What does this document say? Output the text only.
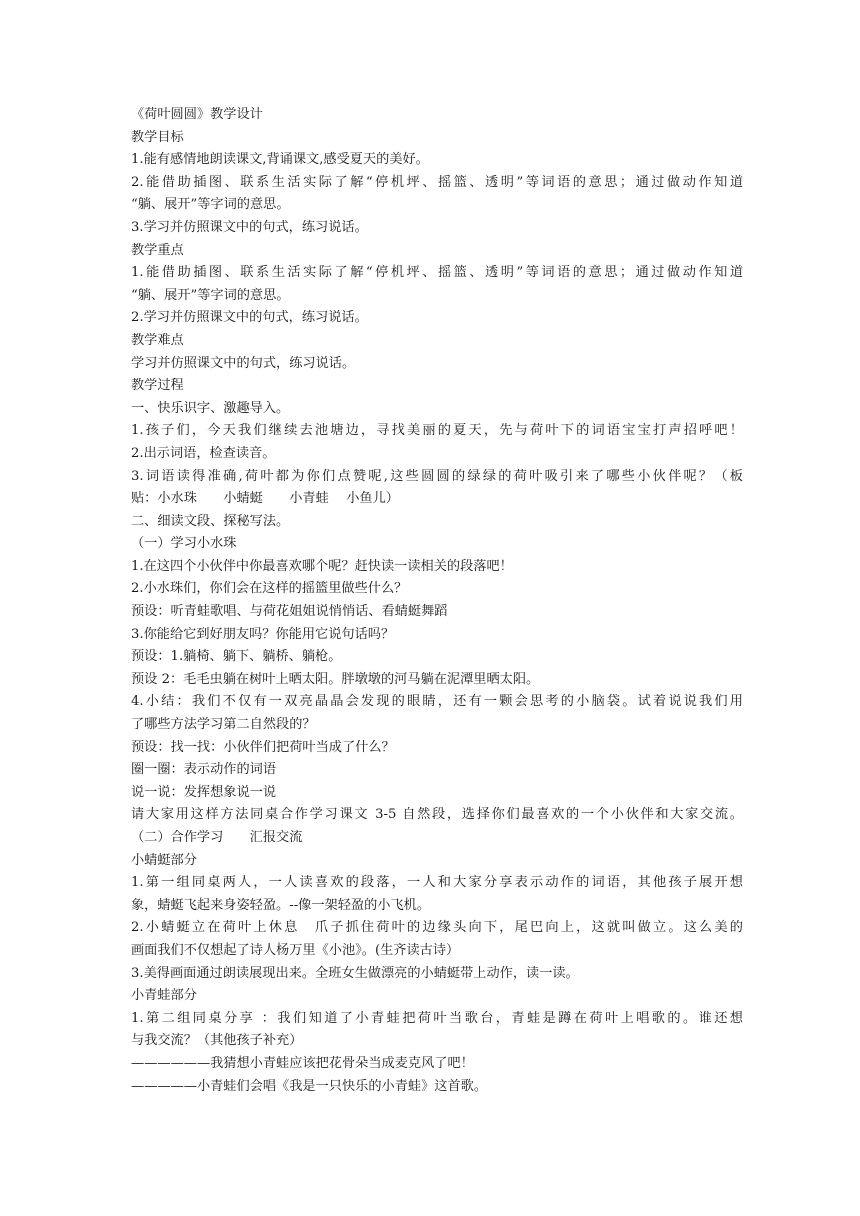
《荷叶圆圆》教学设计
教学目标
1.能有感情地朗读课文,背诵课文,感受夏天的美好。
2.能借助插图、联系生活实际了解“停机坪、摇篮、透明”等词语的意思；通过做动作知道
“躺、展开”等字词的意思。
3.学习并仿照课文中的句式，练习说话。
教学重点
1.能借助插图、联系生活实际了解“停机坪、摇篮、透明”等词语的意思；通过做动作知道
“躺、展开”等字词的意思。
2.学习并仿照课文中的句式，练习说话。
教学难点
学习并仿照课文中的句式，练习说话。
教学过程
一、快乐识字、激趣导入。
1.孩子们，今天我们继续去池塘边，寻找美丽的夏天，先与荷叶下的词语宝宝打声招呼吧！
2.出示词语，检查读音。
3.词语读得准确,荷叶都为你们点赞呢,这些圆圆的绿绿的荷叶吸引来了哪些小伙伴呢？（板
贴：小水珠　　小蜻蜓　　小青蛙　 小鱼儿）
二、细读文段、探秘写法。
（一）学习小水珠
1.在这四个小伙伴中你最喜欢哪个呢？赶快读一读相关的段落吧！
2.小水珠们，你们会在这样的摇篮里做些什么？
预设：听青蛙歌唱、与荷花姐姐说悄悄话、看蜻蜓舞蹈
3.你能给它到好朋友吗？你能用它说句话吗？
预设：1.躺椅、躺下、躺桥、躺枪。
预设 2：毛毛虫躺在树叶上晒太阳。胖墩墩的河马躺在泥潭里晒太阳。
4.小结：我们不仅有一双亮晶晶会发现的眼睛，还有一颗会思考的小脑袋。试着说说我们用
了哪些方法学习第二自然段的？
预设：找一找：小伙伴们把荷叶当成了什么？
圈一圈：表示动作的词语
说一说：发挥想象说一说
请大家用这样方法同桌合作学习课文 3-5 自然段，选择你们最喜欢的一个小伙伴和大家交流。
（二）合作学习　　汇报交流
小蜻蜓部分
1.第一组同桌两人，一人读喜欢的段落，一人和大家分享表示动作的词语，其他孩子展开想
象，蜻蜓飞起来身姿轻盈。--像一架轻盈的小飞机。
2.小蜻蜓立在荷叶上休息　爪子抓住荷叶的边缘头向下，尾巴向上，这就叫做立。这么美的
画面我们不仅想起了诗人杨万里《小池》。(生齐读古诗）
3.美得画面通过朗读展现出来。全班女生做漂亮的小蜻蜓带上动作，读一读。
小青蛙部分
1.第二组同桌分享 ：我们知道了小青蛙把荷叶当歌台，青蛙是蹲在荷叶上唱歌的。谁还想
与我交流？（其他孩子补充）
——————我猜想小青蛙应该把花骨朵当成麦克风了吧！
—————小青蛙们会唱《我是一只快乐的小青蛙》这首歌。
